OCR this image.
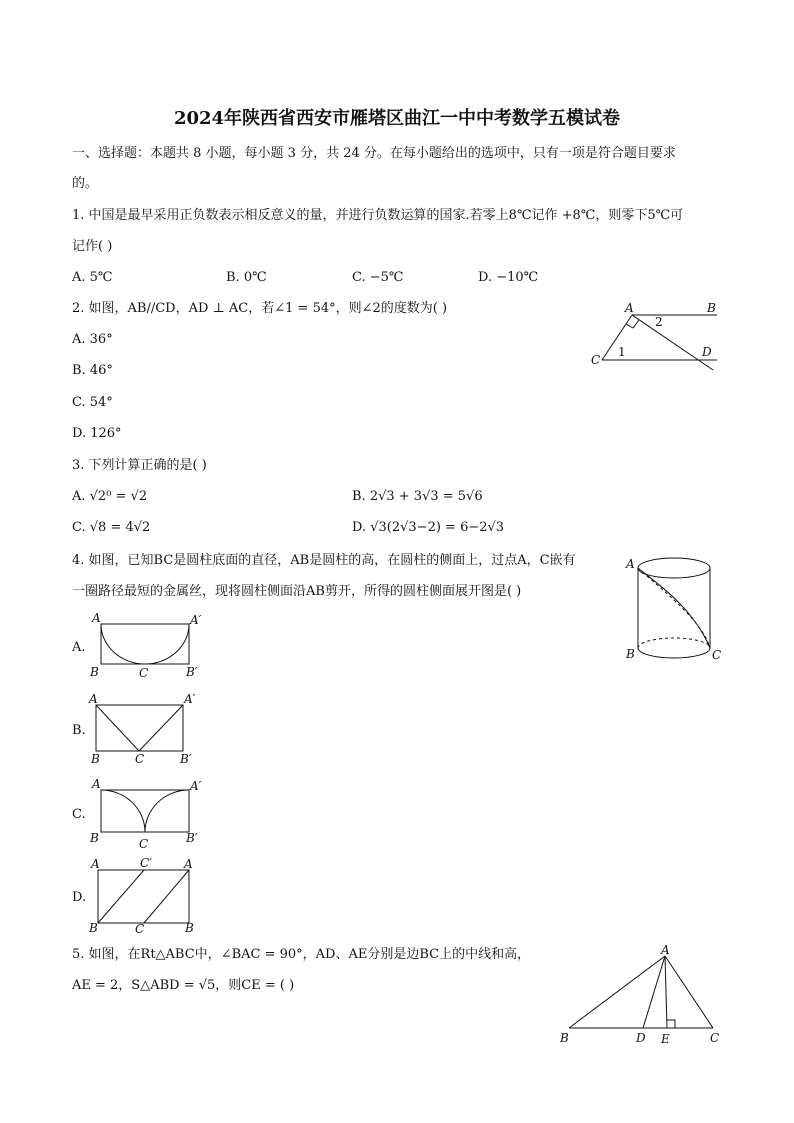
2024年陕西省西安市雁塔区曲江一中中考数学五模试卷
一、选择题：本题共 8 小题，每小题 3 分，共 24 分。在每小题给出的选项中，只有一项是符合题目要求
的。
1. 中国是最早采用正负数表示相反意义的量，并进行负数运算的国家.若零上8℃记作 +8℃，则零下5℃可
记作( )
A. 5℃	B. 0℃	C. −5℃	D. −10℃
2. 如图，AB//CD，AD ⊥ AC，若∠1 = 54°，则∠2的度数为( )
A. 36°
B. 46°
C. 54°
D. 126°
A	B
C
D
1
2
3. 下列计算正确的是( )
A. √2⁰ = √2	B. 2√3 + 3√3 = 5√6
C. √8 = 4√2	D. √3(2√3−2) = 6−2√3
4. 如图，已知BC是圆柱底面的直径，AB是圆柱的高，在圆柱的侧面上，过点A，C嵌有
一圈路径最短的金属丝，现将圆柱侧面沿AB剪开，所得的圆柱侧面展开图是( )
A
B	C
A.
A	A′
B	C	B′
B.
A	A′
B	C	B′
C.
A	A′
B	C	B′
D.
A	C′	A
B	C	B
5. 如图，在Rt△ABC中，∠BAC = 90°，AD、AE分别是边BC上的中线和高，
AE = 2，S△ABD = √5，则CE = ( )
A
B	D E	C
